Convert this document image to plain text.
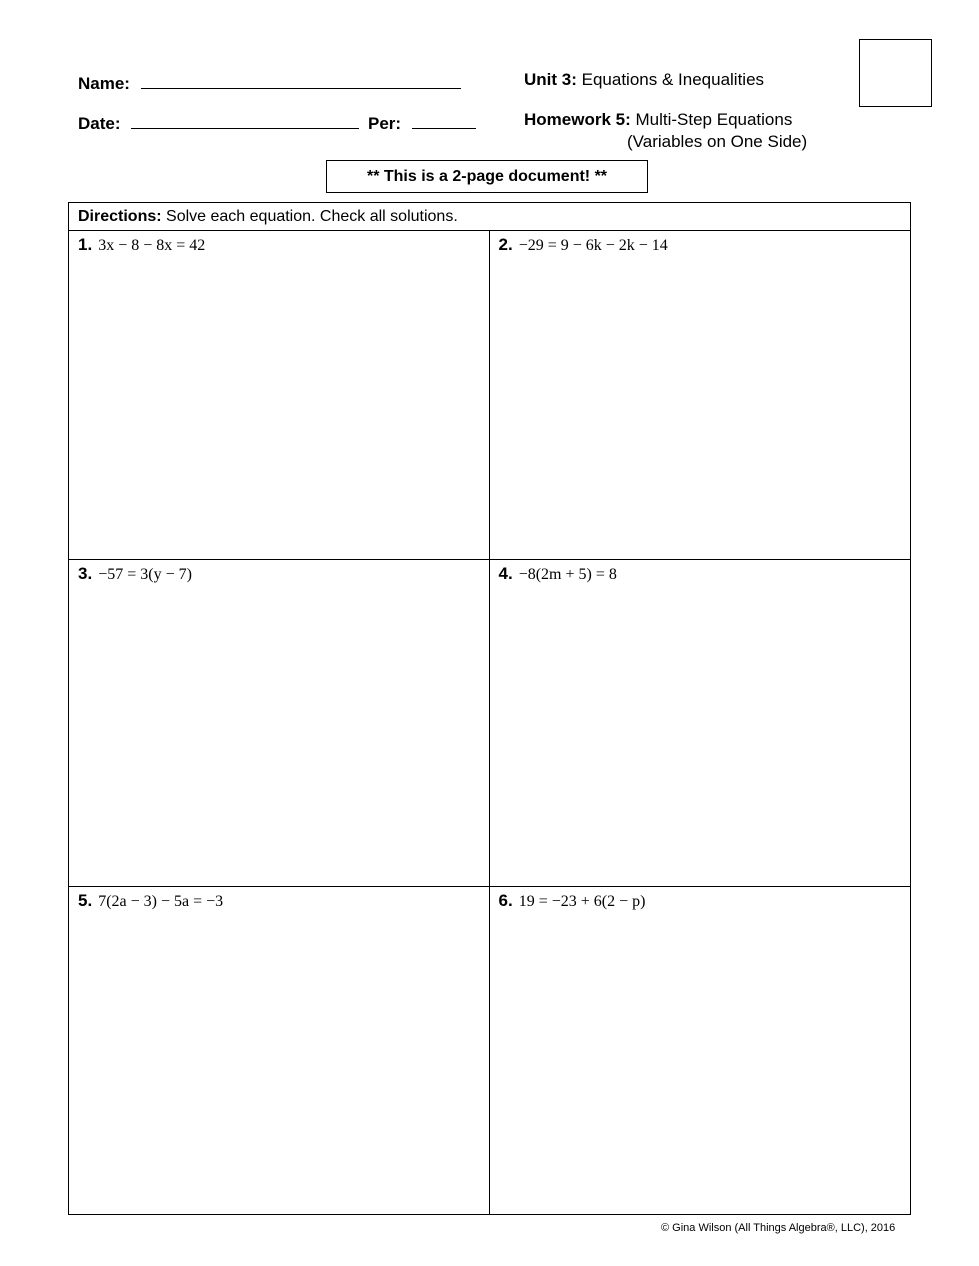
Name:
Date:	Per:
Unit 3: Equations & Inequalities
Homework 5: Multi-Step Equations
(Variables on One Side)
** This is a 2-page document! **
Directions: Solve each equation. Check all solutions.
1. 3x − 8 − 8x = 42	2. −29 = 9 − 6k − 2k − 14
3. −57 = 3(y − 7)	4. −8(2m + 5) = 8
5. 7(2a − 3) − 5a = −3	6. 19 = −23 + 6(2 − p)
© Gina Wilson (All Things Algebra®, LLC), 2016
